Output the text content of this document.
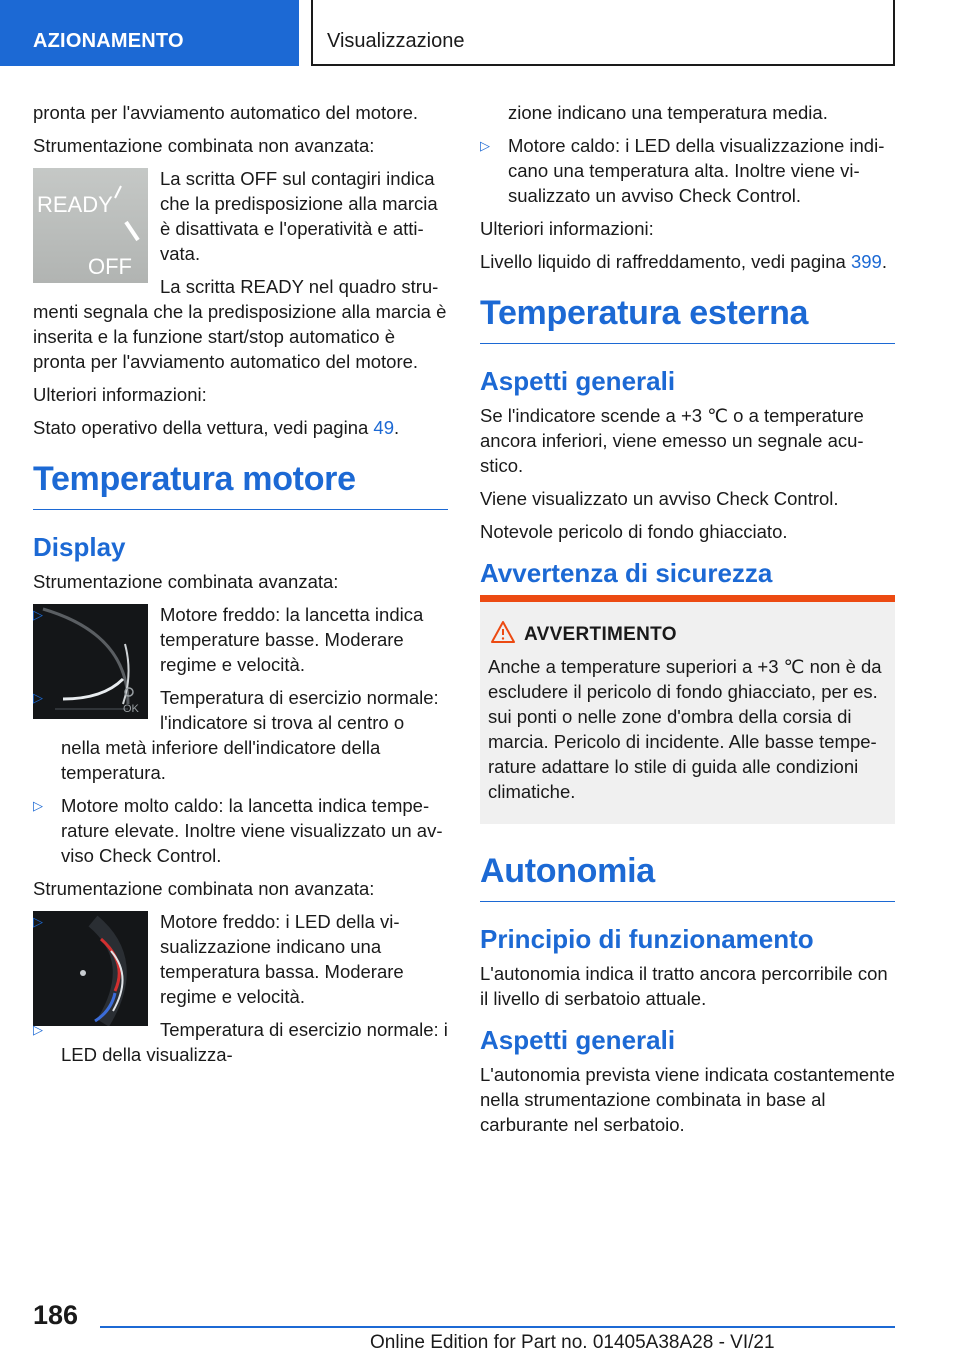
AZIONAMENTO	Visualizzazione

pronta per l'avviamento automatico del motore.

Strumentazione combinata non avanzata:

READY
OFF

La scritta OFF sul contagiri indica che la predisposizione alla marcia è disattivata e l'operatività e attivata.

La scritta READY nel quadro strumenti segnala che la predisposizione alla marcia è inserita e la funzione start/stop automatico è pronta per l'avviamento automatico del motore.

Ulteriori informazioni:

Stato operativo della vettura, vedi pagina 49.

Temperatura motore
Display

Strumentazione combinata avanzata:

OK
▷	Motore freddo: la lancetta indica temperature basse. Moderare regime e velocità.
▷	Temperatura di esercizio normale: l'indicatore si trova al centro o nella metà inferiore dell'indicatore della temperatura.
▷ Motore molto caldo: la lancetta indica temperature elevate. Inoltre viene visualizzato un avviso Check Control.

Strumentazione combinata non avanzata:

▷	Motore freddo: i LED della visualizzazione indicano una temperatura bassa. Moderare regime e velocità.
▷	Temperatura di esercizio normale: i LED della visualizza-
zione indicano una temperatura media.
▷ Motore caldo: i LED della visualizzazione indicano una temperatura alta. Inoltre viene visualizzato un avviso Check Control.

Ulteriori informazioni:

Livello liquido di raffreddamento, vedi pagina 399.

Temperatura esterna
Aspetti generali

Se l'indicatore scende a +3 ℃ o a temperature ancora inferiori, viene emesso un segnale acustico.

Viene visualizzato un avviso Check Control.

Notevole pericolo di fondo ghiacciato.

Avvertenza di sicurezza
AVVERTIMENTO
Anche a temperature superiori a +3 ℃ non è da escludere il pericolo di fondo ghiacciato, per es. sui ponti o nelle zone d'ombra della corsia di marcia. Pericolo di incidente. Alle basse temperature adattare lo stile di guida alle condizioni climatiche.
Autonomia
Principio di funzionamento

L'autonomia indica il tratto ancora percorribile con il livello di serbatoio attuale.

Aspetti generali

L'autonomia prevista viene indicata costantemente nella strumentazione combinata in base al carburante nel serbatoio.

186
Online Edition for Part no. 01405A38A28 - VI/21
